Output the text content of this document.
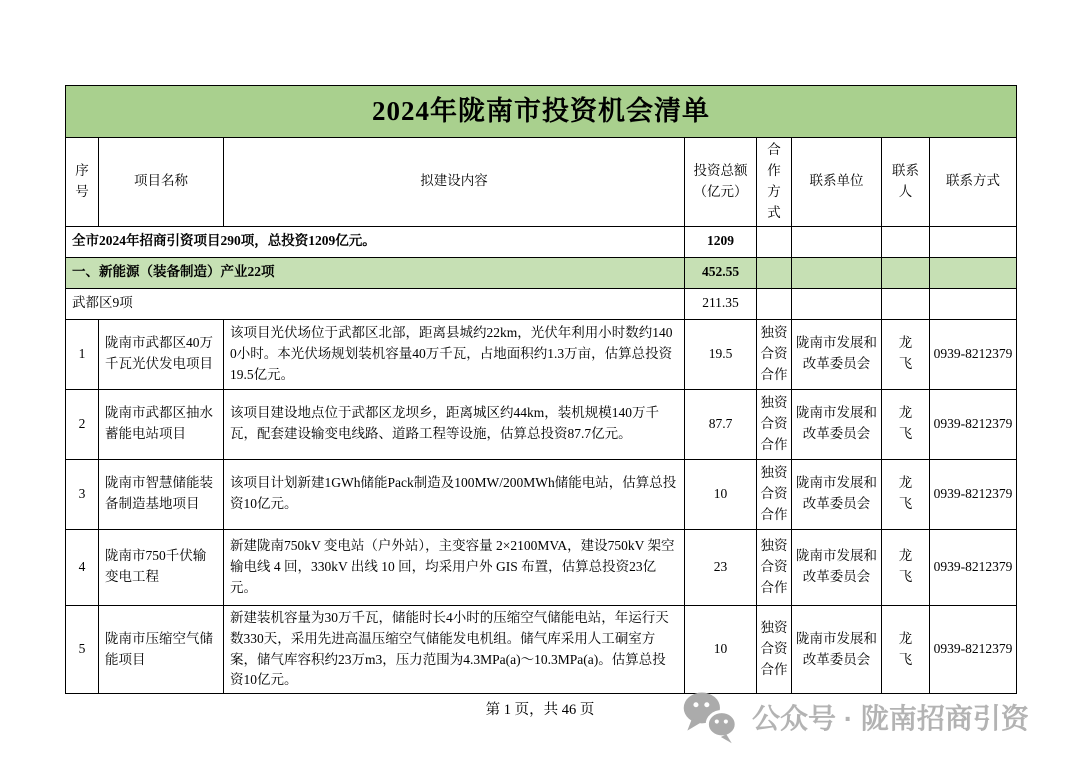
2024年陇南市投资机会清单							
序号	项目名称	拟建设内容	投资总额（亿元）	合作方式	联系单位	联系人	联系方式
全市2024年招商引资项目290项，总投资1209亿元。			1209				
一、新能源（装备制造）产业22项			452.55				
武都区9项			211.35				
1	陇南市武都区40万千瓦光伏发电项目	该项目光伏场位于武都区北部，距离县城约22km，光伏年利用小时数约1400小时。本光伏场规划装机容量40万千瓦，占地面积约1.3万亩，估算总投资19.5亿元。	19.5	独资合资合作	陇南市发展和改革委员会	龙　飞	0939-8212379
2	陇南市武都区抽水蓄能电站项目	该项目建设地点位于武都区龙坝乡，距离城区约44km，装机规模140万千瓦，配套建设输变电线路、道路工程等设施，估算总投资87.7亿元。	87.7	独资合资合作	陇南市发展和改革委员会	龙　飞	0939-8212379
3	陇南市智慧储能装备制造基地项目	该项目计划新建1GWh储能Pack制造及100MW/200MWh储能电站，估算总投资10亿元。	10	独资合资合作	陇南市发展和改革委员会	龙　飞	0939-8212379
4	陇南市750千伏输变电工程	新建陇南750kV 变电站（户外站），主变容量 2×2100MVA，建设750kV 架空输电线 4 回，330kV 出线 10 回，均采用户外 GIS 布置，估算总投资23亿元。	23	独资合资合作	陇南市发展和改革委员会	龙　飞	0939-8212379
5	陇南市压缩空气储能项目	新建装机容量为30万千瓦，储能时长4小时的压缩空气储能电站，年运行天数330天，采用先进高温压缩空气储能发电机组。储气库采用人工硐室方案，储气库容积约23万m3，压力范围为4.3MPa(a)～10.3MPa(a)。估算总投资10亿元。	10	独资合资合作	陇南市发展和改革委员会	龙　飞	0939-8212379
第 1 页，共 46 页	公众号 · 陇南招商引资
